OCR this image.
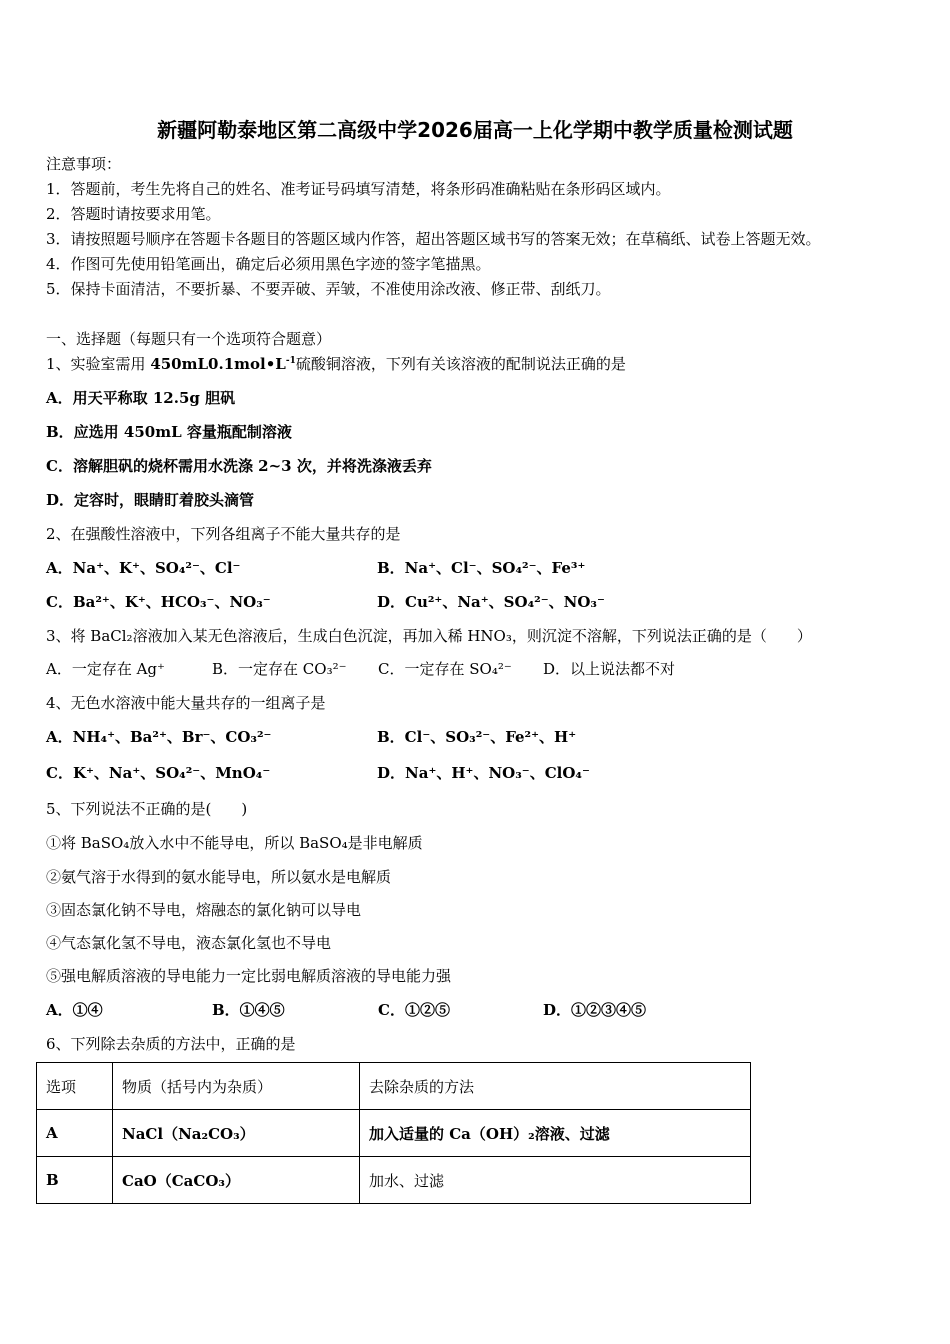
新疆阿勒泰地区第二高级中学2026届高一上化学期中教学质量检测试题
注意事项：
1．答题前，考生先将自己的姓名、准考证号码填写清楚，将条形码准确粘贴在条形码区域内。
2．答题时请按要求用笔。
3．请按照题号顺序在答题卡各题目的答题区域内作答，超出答题区域书写的答案无效；在草稿纸、试卷上答题无效。
4．作图可先使用铅笔画出，确定后必须用黑色字迹的签字笔描黑。
5．保持卡面清洁，不要折暴、不要弄破、弄皱，不准使用涂改液、修正带、刮纸刀。
一、选择题（每题只有一个选项符合题意）
1、实验室需用 $450mL0.1mol•L^{-1}$硫酸铜溶液，下列有关该溶液的配制说法正确的是
A．用天平称取 12.5g 胆矾
B．应选用 450mL 容量瓶配制溶液
C．溶解胆矾的烧杯需用水洗涤 2~3 次，并将洗涤液丢弃
D．定容时，眼睛盯着胶头滴管
2、在强酸性溶液中，下列各组离子不能大量共存的是
A．Na⁺、K⁺、SO₄²⁻、Cl⁻	B．Na⁺、Cl⁻、SO₄²⁻、Fe³⁺
C．Ba²⁺、K⁺、HCO₃⁻、NO₃⁻	D．Cu²⁺、Na⁺、SO₄²⁻、NO₃⁻
3、将 BaCl₂溶液加入某无色溶液后，生成白色沉淀，再加入稀 HNO₃，则沉淀不溶解，下列说法正确的是（　　）
A．一定存在 Ag⁺	B．一定存在 CO₃²⁻ C．一定存在 SO₄²⁻ D．以上说法都不对
4、无色水溶液中能大量共存的一组离子是
A．NH₄⁺、Ba²⁺、Br⁻、CO₃²⁻	B．Cl⁻、SO₃²⁻、Fe²⁺、H⁺
C．K⁺、Na⁺、SO₄²⁻、MnO₄⁻	D．Na⁺、H⁺、NO₃⁻、ClO₄⁻
5、下列说法不正确的是(　　)
①将 BaSO₄放入水中不能导电，所以 BaSO₄是非电解质
②氨气溶于水得到的氨水能导电，所以氨水是电解质
③固态氯化钠不导电，熔融态的氯化钠可以导电
④气态氯化氢不导电，液态氯化氢也不导电
⑤强电解质溶液的导电能力一定比弱电解质溶液的导电能力强
A．①④	B．①④⑤	C．①②⑤	D．①②③④⑤
6、下列除去杂质的方法中，正确的是
选项	物质（括号内为杂质）	去除杂质的方法
A	NaCl（Na₂CO₃）	加入适量的 Ca（OH）₂溶液、过滤
B	CaO（CaCO₃）	加水、过滤
